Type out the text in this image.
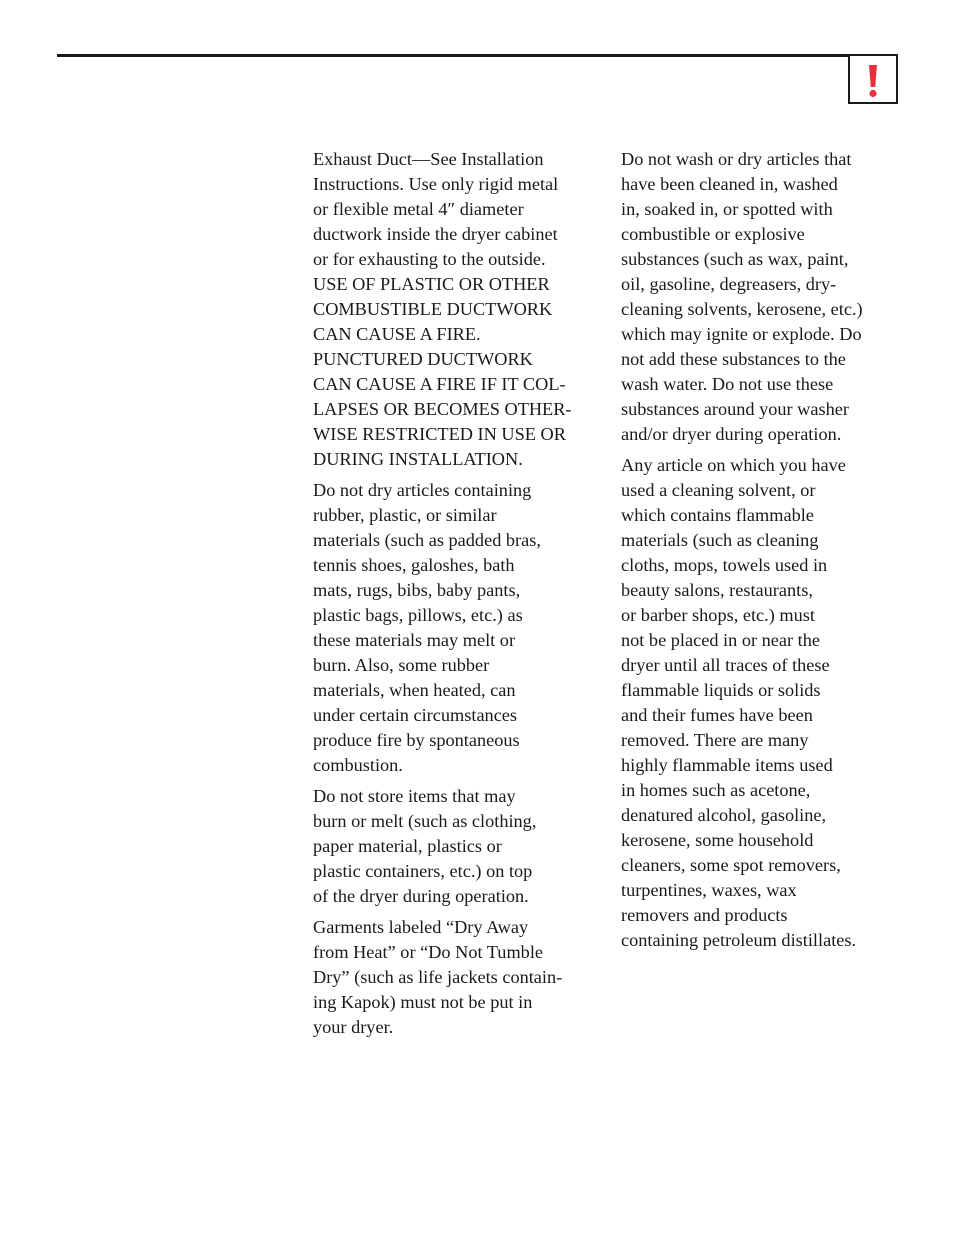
Exhaust Duct—See Installation
Instructions. Use only rigid metal
or flexible metal 4″ diameter
ductwork inside the dryer cabinet
or for exhausting to the outside.
USE OF PLASTIC OR OTHER
COMBUSTIBLE DUCTWORK
CAN CAUSE A FIRE.
PUNCTURED DUCTWORK
CAN CAUSE A FIRE IF IT COL-
LAPSES OR BECOMES OTHER-
WISE RESTRICTED IN USE OR
DURING INSTALLATION.

Do not dry articles containing
rubber, plastic, or similar
materials (such as padded bras,
tennis shoes, galoshes, bath
mats, rugs, bibs, baby pants,
plastic bags, pillows, etc.) as
these materials may melt or
burn. Also, some rubber
materials, when heated, can
under certain circumstances
produce fire by spontaneous
combustion.

Do not store items that may
burn or melt (such as clothing,
paper material, plastics or
plastic containers, etc.) on top
of the dryer during operation.

Garments labeled “Dry Away
from Heat” or “Do Not Tumble
Dry” (such as life jackets contain-
ing Kapok) must not be put in
your dryer.

Do not wash or dry articles that
have been cleaned in, washed
in, soaked in, or spotted with
combustible or explosive
substances (such as wax, paint,
oil, gasoline, degreasers, dry-
cleaning solvents, kerosene, etc.)
which may ignite or explode. Do
not add these substances to the
wash water. Do not use these
substances around your washer
and/or dryer during operation.

Any article on which you have
used a cleaning solvent, or
which contains flammable
materials (such as cleaning
cloths, mops, towels used in
beauty salons, restaurants,
or barber shops, etc.) must
not be placed in or near the
dryer until all traces of these
flammable liquids or solids
and their fumes have been
removed. There are many
highly flammable items used
in homes such as acetone,
denatured alcohol, gasoline,
kerosene, some household
cleaners, some spot removers,
turpentines, waxes, wax
removers and products
containing petroleum distillates.
